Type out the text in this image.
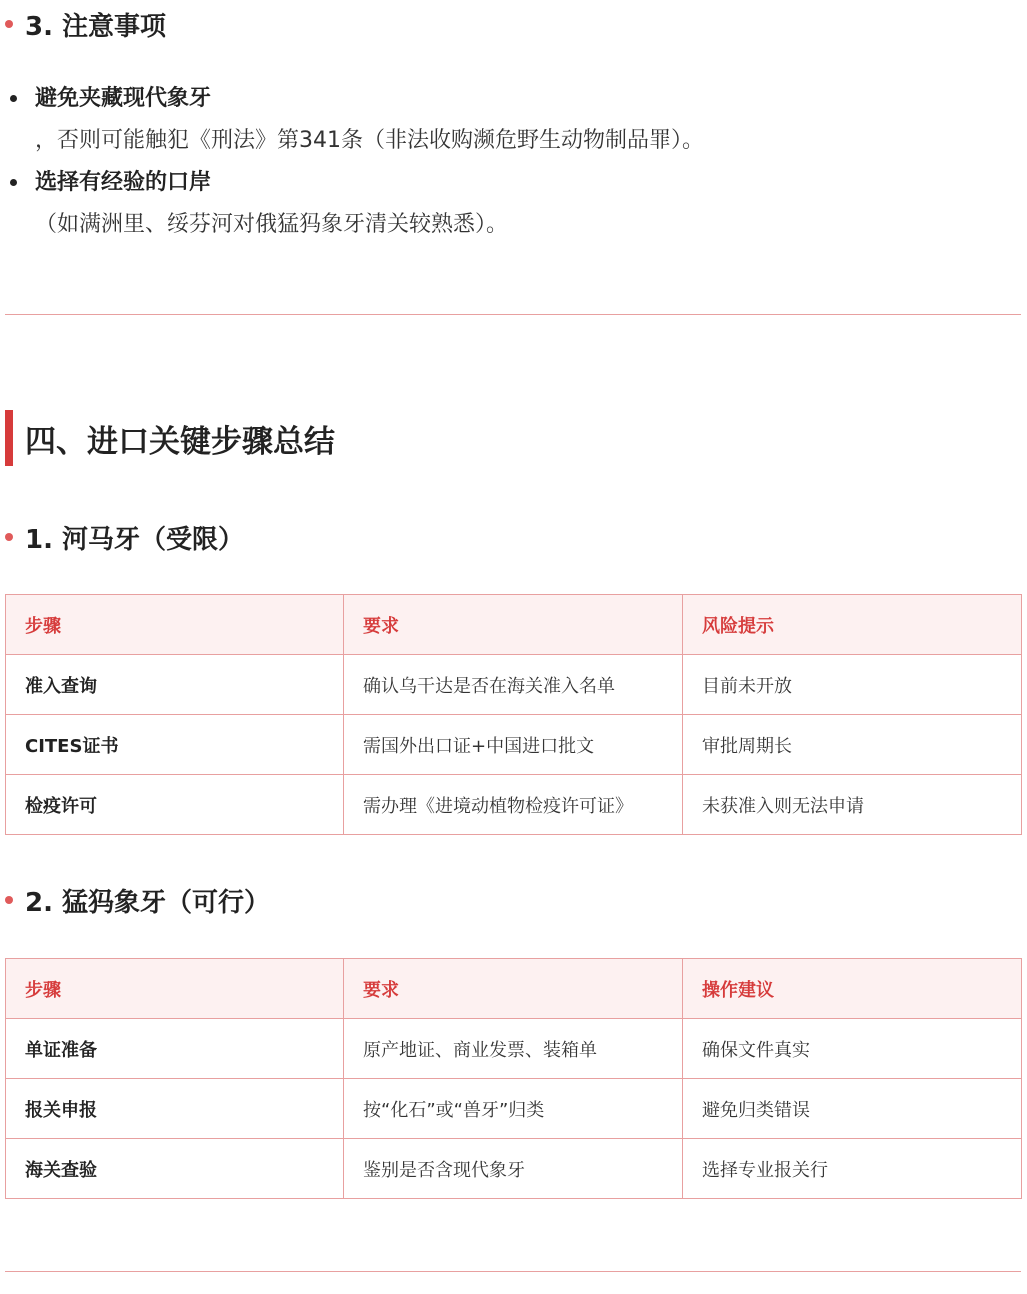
3. 注意事项
避免夹藏现代象牙
，否则可能触犯《刑法》第341条（非法收购濒危野生动物制品罪）。
选择有经验的口岸
（如满洲里、绥芬河对俄猛犸象牙清关较熟悉）。
四、进口关键步骤总结
1. 河马牙（受限）
步骤	要求	风险提示
准入查询	确认乌干达是否在海关准入名单	目前未开放
CITES证书	需国外出口证+中国进口批文	审批周期长
检疫许可	需办理《进境动植物检疫许可证》	未获准入则无法申请
2. 猛犸象牙（可行）
步骤	要求	操作建议
单证准备	原产地证、商业发票、装箱单	确保文件真实
报关申报	按“化石”或“兽牙”归类	避免归类错误
海关查验	鉴别是否含现代象牙	选择专业报关行
